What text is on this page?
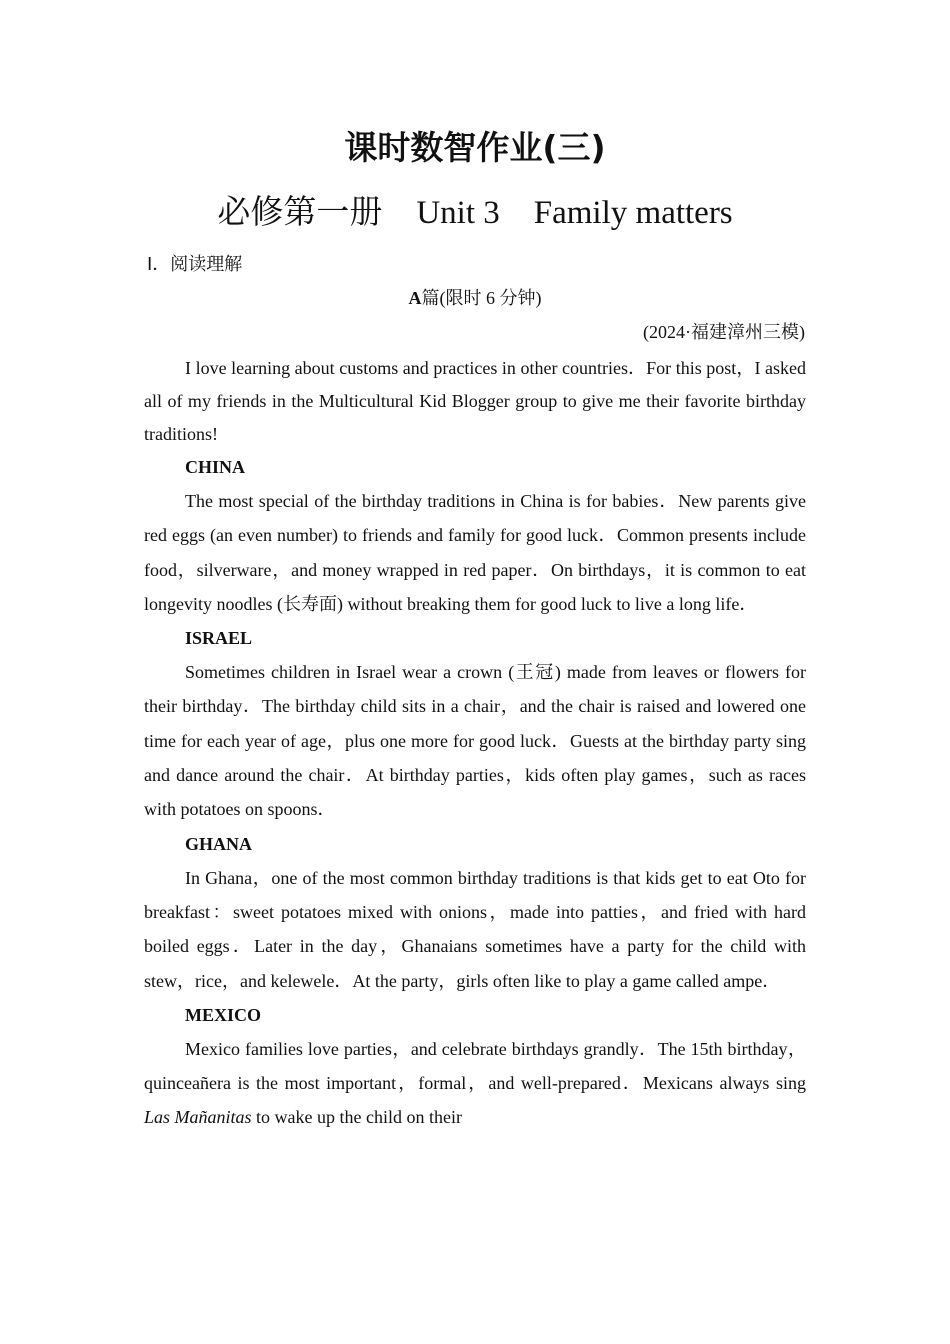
课时数智作业(三)
必修第一册 Unit 3 Family matters
Ⅰ．阅读理解
A篇(限时 6 分钟)
(2024·福建漳州三模)

I love learning about customs and practices in other countries．For this post，I asked all of my friends in the Multicultural Kid Blogger group to give me their favorite birthday traditions!

CHINA

The most special of the birthday traditions in China is for babies．New parents give red eggs (an even number) to friends and family for good luck．Common presents include food，silverware，and money wrapped in red paper．On birthdays，it is common to eat longevity noodles (长寿面) without breaking them for good luck to live a long life．

ISRAEL

Sometimes children in Israel wear a crown (王冠) made from leaves or flowers for their birthday．The birthday child sits in a chair，and the chair is raised and lowered one time for each year of age，plus one more for good luck．Guests at the birthday party sing and dance around the chair．At birthday parties，kids often play games，such as races with potatoes on spoons．

GHANA

In Ghana，one of the most common birthday traditions is that kids get to eat Oto for breakfast：sweet potatoes mixed with onions，made into patties，and fried with hard boiled eggs．Later in the day，Ghanaians sometimes have a party for the child with stew，rice，and kelewele．At the party，girls often like to play a game called ampe．

MEXICO

Mexico families love parties，and celebrate birthdays grandly．The 15th birthday，quinceañera is the most important，formal，and well-prepared．Mexicans always sing Las Mañanitas to wake up the child on their
